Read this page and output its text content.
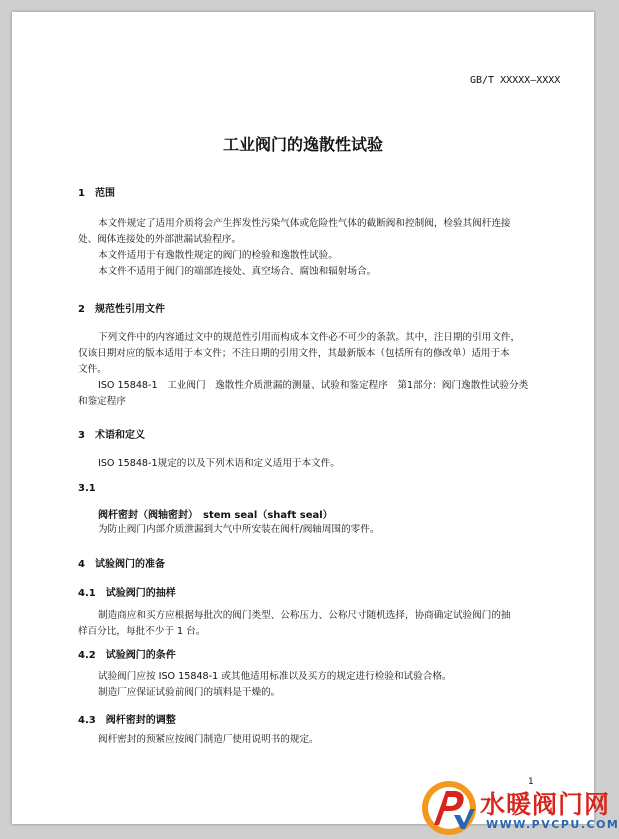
GB/T XXXXX—XXXX
工业阀门的逸散性试验
1　范围
本文件规定了适用介质将会产生挥发性污染气体或危险性气体的截断阀和控制阀，检验其阀杆连接
处、阀体连接处的外部泄漏试验程序。
本文件适用于有逸散性规定的阀门的检验和逸散性试验。
本文件不适用于阀门的端部连接处、真空场合、腐蚀和辐射场合。
2　规范性引用文件
下列文件中的内容通过文中的规范性引用而构成本文件必不可少的条款。其中，注日期的引用文件，
仅该日期对应的版本适用于本文件；不注日期的引用文件，其最新版本（包括所有的修改单）适用于本
文件。
ISO 15848-1　工业阀门　逸散性介质泄漏的测量、试验和鉴定程序　第1部分：阀门逸散性试验分类
和鉴定程序
3　术语和定义
ISO 15848-1规定的以及下列术语和定义适用于本文件。
3.1
阀杆密封（阀轴密封）　stem seal（shaft seal）
为防止阀门内部介质泄漏到大气中所安装在阀杆/阀轴周围的零件。
4　试验阀门的准备
4.1　试验阀门的抽样
制造商应和买方应根据每批次的阀门类型、公称压力、公称尺寸随机选择，协商确定试验阀门的抽
样百分比，每批不少于 1 台。
4.2　试验阀门的条件
试验阀门应按 ISO 15848-1 或其他适用标准以及买方的规定进行检验和试验合格。
制造厂应保证试验前阀门的填料是干燥的。
4.3　阀杆密封的调整
阀杆密封的预紧应按阀门制造厂使用说明书的规定。
1
水暖阀门网
WWW.PVCPU.COM
